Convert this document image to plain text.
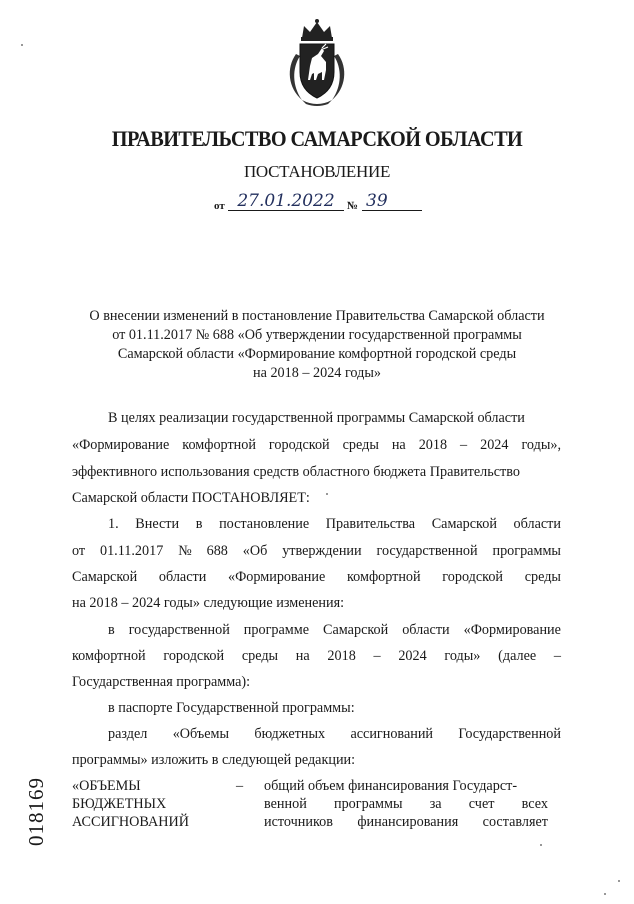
ПРАВИТЕЛЬСТВО САМАРСКОЙ ОБЛАСТИ
ПОСТАНОВЛЕНИЕ
от 27.01.2022	№ 39
О внесении изменений в постановление Правительства Самарской области
от 01.11.2017 № 688 «Об утверждении государственной программы
Самарской области «Формирование комфортной городской среды
на 2018 – 2024 годы»
В целях реализации государственной программы Самарской области
«Формирование комфортной городской среды на 2018 – 2024 годы»,
эффективного использования средств областного бюджета Правительство
Самарской области ПОСТАНОВЛЯЕТ:
1. Внести в постановление Правительства Самарской области
от 01.11.2017 № 688 «Об утверждении государственной программы
Самарской области «Формирование комфортной городской среды
на 2018 – 2024 годы» следующие изменения:
в государственной программе Самарской области «Формирование
комфортной городской среды на 2018 – 2024 годы» (далее –
Государственная программа):
в паспорте Государственной программы:
раздел «Объемы бюджетных ассигнований Государственной
программы» изложить в следующей редакции:
«ОБЪЕМЫ
БЮДЖЕТНЫХ
АССИГНОВАНИЙ
– общий объем финансирования Государст-
венной программы за счет всех
источников финансирования составляет
018169
